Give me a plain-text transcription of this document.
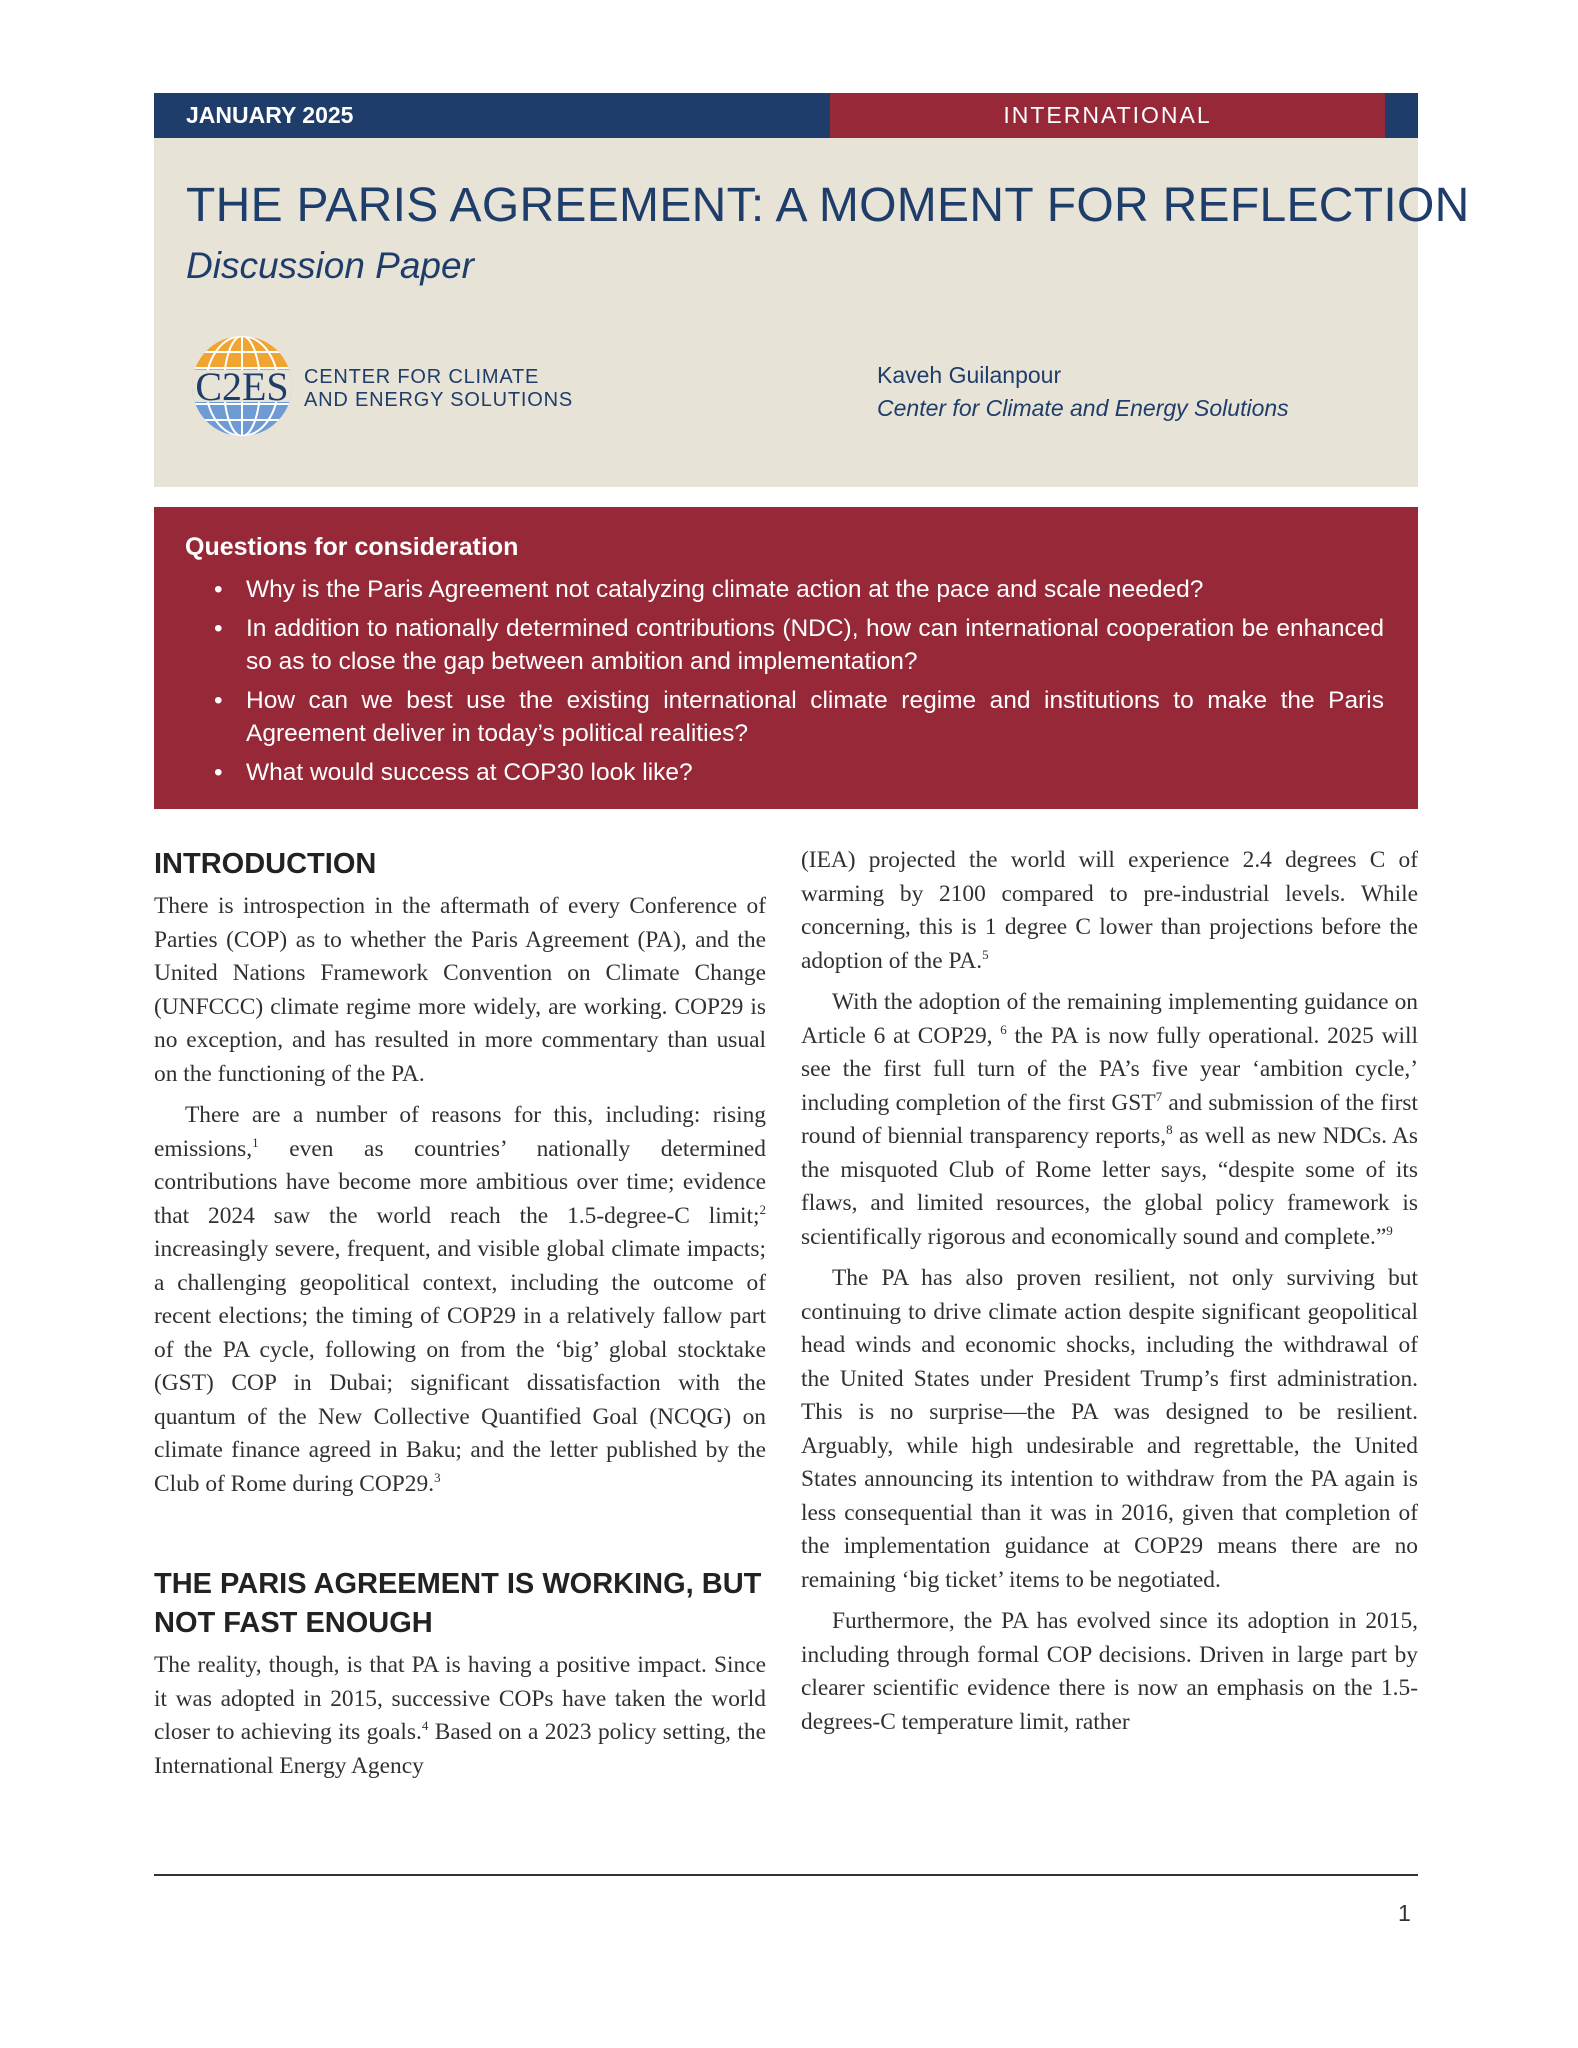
JANUARY 2025	INTERNATIONAL
THE PARIS AGREEMENT: A MOMENT FOR REFLECTION
Discussion Paper
C2ES CENTER FOR CLIMATE
AND ENERGY SOLUTIONS
Kaveh Guilanpour
Center for Climate and Energy Solutions
Questions for consideration
• Why is the Paris Agreement not catalyzing climate action at the pace and scale needed?
• In addition to nationally determined contributions (NDC), how can international cooperation be enhanced so as to close the gap between ambition and implementation?
• How can we best use the existing international climate regime and institutions to make the Paris Agreement deliver in today’s political realities?
• What would success at COP30 look like?
INTRODUCTION

There is introspection in the aftermath of every Conference of Parties (COP) as to whether the Paris Agreement (PA), and the United Nations Framework Convention on Climate Change (UNFCCC) climate regime more widely, are working. COP29 is no exception, and has resulted in more commentary than usual on the functioning of the PA.

There are a number of reasons for this, including: rising emissions,$^1$ even as countries’ nationally determined contributions have become more ambitious over time; evidence that 2024 saw the world reach the 1.5-degree-C limit;$^2$ increasingly severe, frequent, and visible global climate impacts; a challenging geopolitical context, including the outcome of recent elections; the timing of COP29 in a relatively fallow part of the PA cycle, following on from the ‘big’ global stocktake (GST) COP in Dubai; significant dissatisfaction with the quantum of the New Collective Quantified Goal (NCQG) on climate finance agreed in Baku; and the letter published by the Club of Rome during COP29.$^3$

THE PARIS AGREEMENT IS WORKING, BUT NOT FAST ENOUGH

The reality, though, is that PA is having a positive impact. Since it was adopted in 2015, successive COPs have taken the world closer to achieving its goals.$^4$ Based on a 2023 policy setting, the International Energy Agency

(IEA) projected the world will experience 2.4 degrees C of warming by 2100 compared to pre-industrial levels. While concerning, this is 1 degree C lower than projections before the adoption of the PA.$^5$

With the adoption of the remaining implementing guidance on Article 6 at COP29, $^6$ the PA is now fully operational. 2025 will see the first full turn of the PA’s five year ‘ambition cycle,’ including completion of the first GST$^7$ and submission of the first round of biennial transparency reports,$^8$ as well as new NDCs. As the misquoted Club of Rome letter says, “despite some of its flaws, and limited resources, the global policy framework is scientifically rigorous and economically sound and complete.”$^9$

The PA has also proven resilient, not only surviving but continuing to drive climate action despite significant geopolitical head winds and economic shocks, including the withdrawal of the United States under President Trump’s first administration. This is no surprise—the PA was designed to be resilient. Arguably, while high undesirable and regrettable, the United States announcing its intention to withdraw from the PA again is less consequential than it was in 2016, given that completion of the implementation guidance at COP29 means there are no remaining ‘big ticket’ items to be negotiated.

Furthermore, the PA has evolved since its adoption in 2015, including through formal COP decisions. Driven in large part by clearer scientific evidence there is now an emphasis on the 1.5-degrees-C temperature limit, rather

1
